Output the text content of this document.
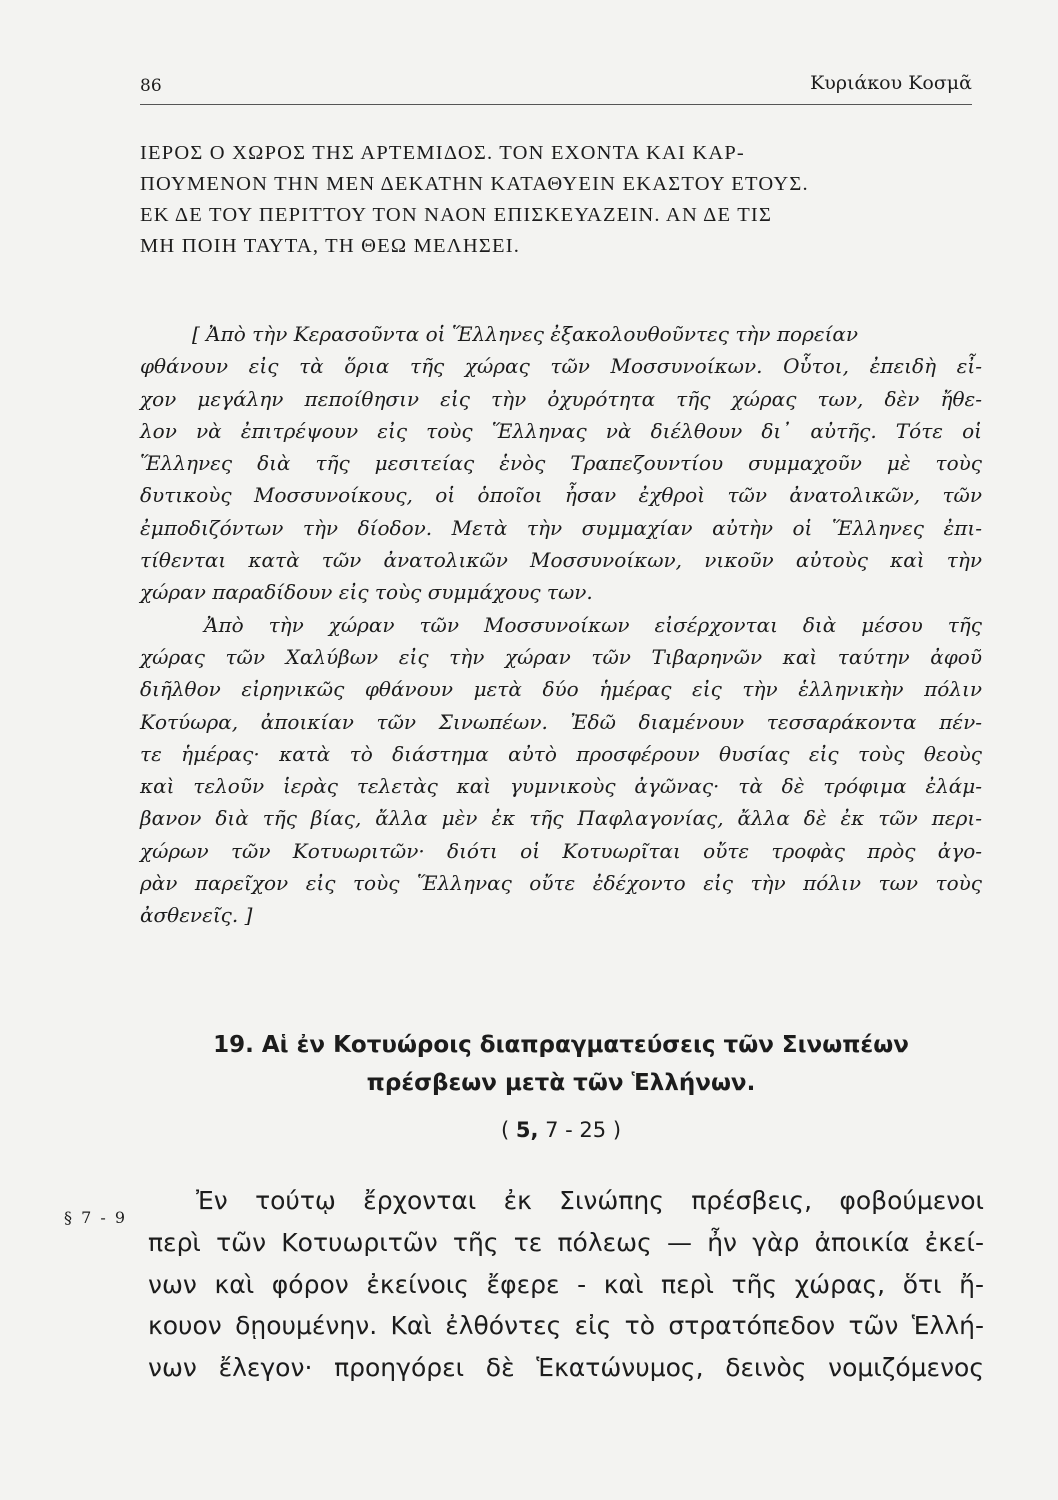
86	Κυριάκου Κοσμᾶ
ΙΕΡΟΣ Ο ΧΩΡΟΣ ΤΗΣ ΑΡΤΕΜΙΔΟΣ. ΤΟΝ ΕΧΟΝΤΑ ΚΑΙ ΚΑΡ-
ΠΟΥΜΕΝΟΝ ΤΗΝ ΜΕΝ ΔΕΚΑΤΗΝ ΚΑΤΑΘΥΕΙΝ ΕΚΑΣΤΟΥ ΕΤΟΥΣ.
ΕΚ ΔΕ ΤΟΥ ΠΕΡΙΤΤΟΥ ΤΟΝ ΝΑΟΝ ΕΠΙΣΚΕΥΑΖΕΙΝ. ΑΝ ΔΕ ΤΙΣ
ΜΗ ΠΟΙΗ ΤΑΥΤΑ, ΤΗ ΘΕΩ ΜΕΛΗΣΕΙ.
[ Ἀπὸ τὴν Κερασοῦντα οἱ Ἕλληνες ἐξακολουθοῦντες τὴν πορείαν
φθάνουν εἰς τὰ ὅρια τῆς χώρας τῶν Μοσσυνοίκων. Οὗτοι, ἐπειδὴ εἶ-
χον μεγάλην πεποίθησιν εἰς τὴν ὀχυρότητα τῆς χώρας των, δὲν ἤθε-
λον νὰ ἐπιτρέψουν εἰς τοὺς Ἕλληνας νὰ διέλθουν δι᾽ αὐτῆς. Τότε οἱ
Ἕλληνες διὰ τῆς μεσιτείας ἑνὸς Τραπεζουντίου συμμαχοῦν μὲ τοὺς
δυτικοὺς Μοσσυνοίκους, οἱ ὁποῖοι ἦσαν ἐχθροὶ τῶν ἀνατολικῶν, τῶν
ἐμποδιζόντων τὴν δίοδον. Μετὰ τὴν συμμαχίαν αὐτὴν οἱ Ἕλληνες ἐπι-
τίθενται κατὰ τῶν ἀνατολικῶν Μοσσυνοίκων, νικοῦν αὐτοὺς καὶ τὴν
χώραν παραδίδουν εἰς τοὺς συμμάχους των.
Ἀπὸ τὴν χώραν τῶν Μοσσυνοίκων εἰσέρχονται διὰ μέσου τῆς
χώρας τῶν Χαλύβων εἰς τὴν χώραν τῶν Τιβαρηνῶν καὶ ταύτην ἀφοῦ
διῆλθον εἰρηνικῶς φθάνουν μετὰ δύο ἡμέρας εἰς τὴν ἑλληνικὴν πόλιν
Κοτύωρα, ἀποικίαν τῶν Σινωπέων. Ἐδῶ διαμένουν τεσσαράκοντα πέν-
τε ἡμέρας· κατὰ τὸ διάστημα αὐτὸ προσφέρουν θυσίας εἰς τοὺς θεοὺς
καὶ τελοῦν ἱερὰς τελετὰς καὶ γυμνικοὺς ἀγῶνας· τὰ δὲ τρόφιμα ἐλάμ-
βανον διὰ τῆς βίας, ἄλλα μὲν ἐκ τῆς Παφλαγονίας, ἄλλα δὲ ἐκ τῶν περι-
χώρων τῶν Κοτυωριτῶν· διότι οἱ Κοτυωρῖται οὔτε τροφὰς πρὸς ἀγο-
ρὰν παρεῖχον εἰς τοὺς Ἕλληνας οὔτε ἐδέχοντο εἰς τὴν πόλιν των τοὺς
ἀσθενεῖς. ]
19. Αἱ ἐν Κοτυώροις διαπραγματεύσεις τῶν Σινωπέων
πρέσβεων μετὰ τῶν Ἑλλήνων.
( 5, 7 - 25 )
§ 7 - 9
Ἐν τούτῳ ἔρχονται ἐκ Σινώπης πρέσβεις, φοβούμενοι
περὶ τῶν Κοτυωριτῶν τῆς τε πόλεως — ἦν γὰρ ἀποικία ἐκεί-
νων καὶ φόρον ἐκείνοις ἔφερε - καὶ περὶ τῆς χώρας, ὅτι ἤ-
κουον δῃουμένην. Καὶ ἐλθόντες εἰς τὸ στρατόπεδον τῶν Ἑλλή-
νων ἔλεγον· προηγόρει δὲ Ἑκατώνυμος, δεινὸς νομιζόμενος
